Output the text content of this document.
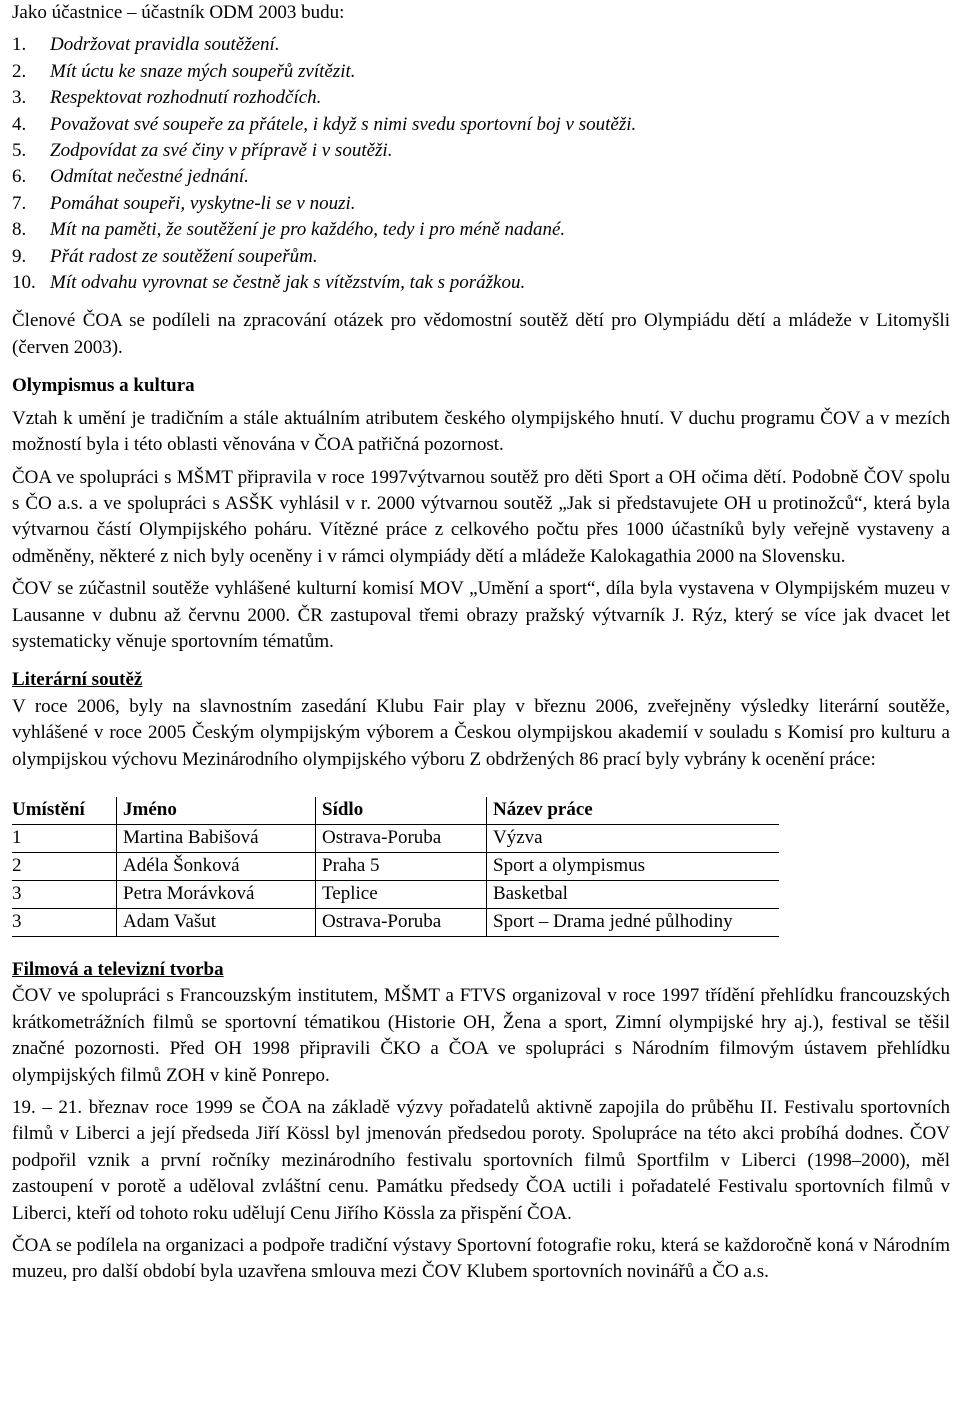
Jako účastnice – účastník ODM 2003 budu:

1.	Dodržovat pravidla soutěžení.
2.	Mít úctu ke snaze mých soupeřů zvítězit.
3.	Respektovat rozhodnutí rozhodčích.
4.	Považovat své soupeře za přátele, i když s nimi svedu sportovní boj v soutěži.
5.	Zodpovídat za své činy v přípravě i v soutěži.
6.	Odmítat nečestné jednání.
7.	Pomáhat soupeři, vyskytne-li se v nouzi.
8.	Mít na paměti, že soutěžení je pro každého, tedy i pro méně nadané.
9.	Přát radost ze soutěžení soupeřům.
10. Mít odvahu vyrovnat se čestně jak s vítězstvím, tak s porážkou.

Členové ČOA se podíleli na zpracování otázek pro vědomostní soutěž dětí pro Olympiádu dětí a mládeže v Litomyšli (červen 2003).

Olympismus a kultura

Vztah k umění je tradičním a stále aktuálním atributem českého olympijského hnutí. V duchu programu ČOV a v mezích možností byla i této oblasti věnována v ČOA patřičná pozornost.

ČOA ve spolupráci s MŠMT připravila v roce 1997výtvarnou soutěž pro děti Sport a OH očima dětí. Podobně ČOV spolu s ČO a.s. a ve spolupráci s ASŠK vyhlásil v r. 2000 výtvarnou soutěž „Jak si představujete OH u protinožců“, která byla výtvarnou částí Olympijského poháru. Vítězné práce z celkového počtu přes 1000 účastníků byly veřejně vystaveny a odměněny, některé z nich byly oceněny i v rámci olympiády dětí a mládeže Kalokagathia 2000 na Slovensku.

ČOV se zúčastnil soutěže vyhlášené kulturní komisí MOV „Umění a sport“, díla byla vystavena v Olympijském muzeu v Lausanne v dubnu až červnu 2000. ČR zastupoval třemi obrazy pražský výtvarník J. Rýz, který se více jak dvacet let systematicky věnuje sportovním tématům.

Literární soutěž

V roce 2006, byly na slavnostním zasedání Klubu Fair play v březnu 2006, zveřejněny výsledky literární soutěže, vyhlášené v roce 2005 Českým olympijským výborem a Českou olympijskou akademií v souladu s Komisí pro kulturu a olympijskou výchovu Mezinárodního olympijského výboru Z obdržených 86 prací byly vybrány k ocenění práce:

Umístění	Jméno	Sídlo	Název práce
1	Martina Babišová	Ostrava-Poruba	Výzva
2	Adéla Šonková	Praha 5	Sport a olympismus
3	Petra Morávková	Teplice	Basketbal
3	Adam Vašut	Ostrava-Poruba	Sport – Drama jedné půlhodiny
Filmová a televizní tvorba

ČOV ve spolupráci s Francouzským institutem, MŠMT a FTVS organizoval v roce 1997 třídění přehlídku francouzských krátkometrážních filmů se sportovní tématikou (Historie OH, Žena a sport, Zimní olympijské hry aj.), festival se těšil značné pozornosti. Před OH 1998 připravili ČKO a ČOA ve spolupráci s Národním filmovým ústavem přehlídku olympijských filmů ZOH v kině Ponrepo.

19. – 21. březnav roce 1999 se ČOA na základě výzvy pořadatelů aktivně zapojila do průběhu II. Festivalu sportovních filmů v Liberci a její předseda Jiří Kössl byl jmenován předsedou poroty. Spolupráce na této akci probíhá dodnes. ČOV podpořil vznik a první ročníky mezinárodního festivalu sportovních filmů Sportfilm v Liberci (1998–2000), měl zastoupení v porotě a uděloval zvláštní cenu. Památku předsedy ČOA uctili i pořadatelé Festivalu sportovních filmů v Liberci, kteří od tohoto roku udělují Cenu Jiřího Kössla za přispění ČOA.

ČOA se podílela na organizaci a podpoře tradiční výstavy Sportovní fotografie roku, která se každoročně koná v Národním muzeu, pro další období byla uzavřena smlouva mezi ČOV Klubem sportovních novinářů a ČO a.s.
